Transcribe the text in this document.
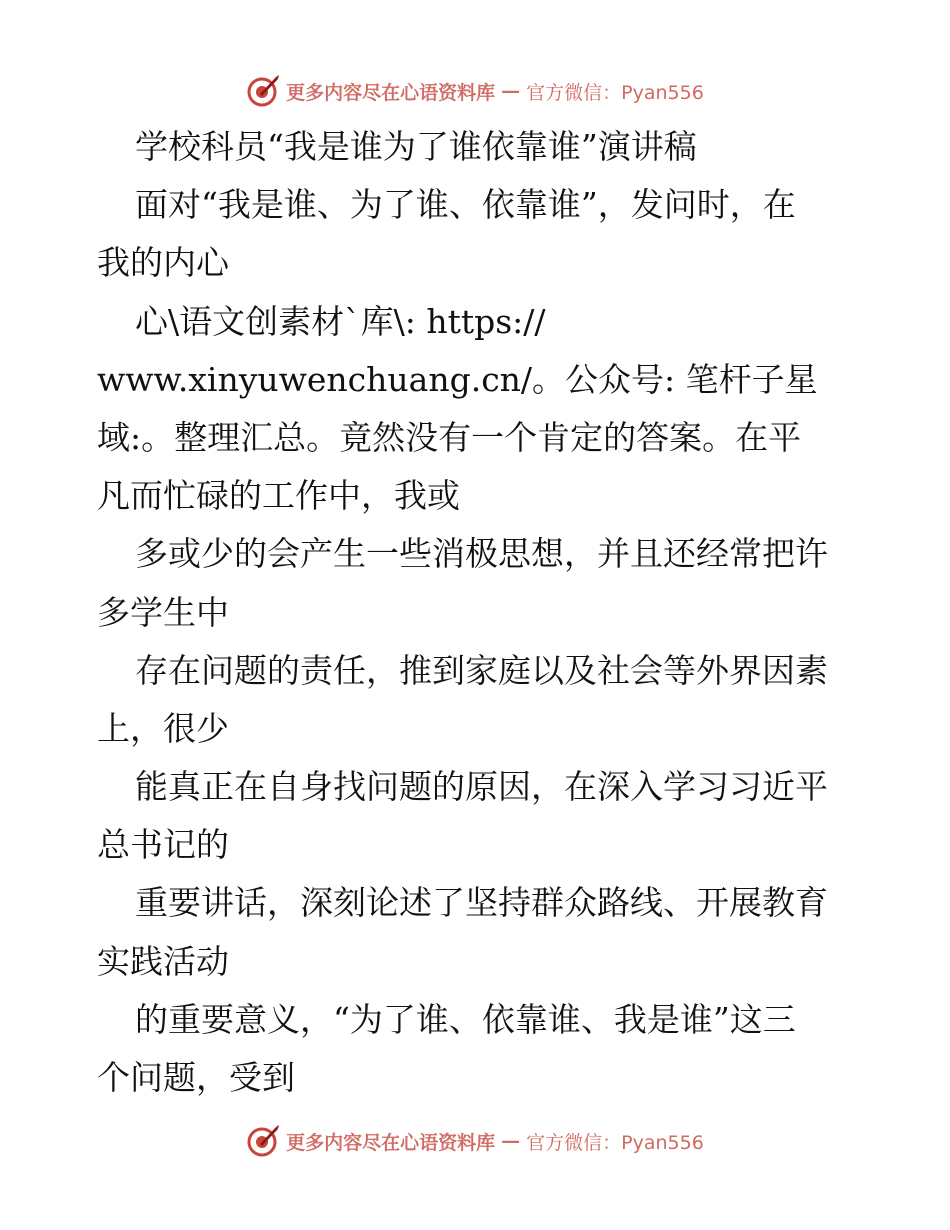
更多内容尽在心语资料库 — 官方微信：Pyan556
学校科员“我是谁为了谁依靠谁”演讲稿
面对“我是谁、为了谁、依靠谁”，发问时，在
我的内心
心\语文创素材`库\: https://
www.xinyuwenchuang.cn/。公众号: 笔杆子星
域:。整理汇总。竟然没有一个肯定的答案。在平
凡而忙碌的工作中，我或
多或少的会产生一些消极思想，并且还经常把许
多学生中
存在问题的责任，推到家庭以及社会等外界因素
上，很少
能真正在自身找问题的原因，在深入学习习近平
总书记的
重要讲话，深刻论述了坚持群众路线、开展教育
实践活动
的重要意义，“为了谁、依靠谁、我是谁”这三
个问题，受到
更多内容尽在心语资料库 — 官方微信：Pyan556
